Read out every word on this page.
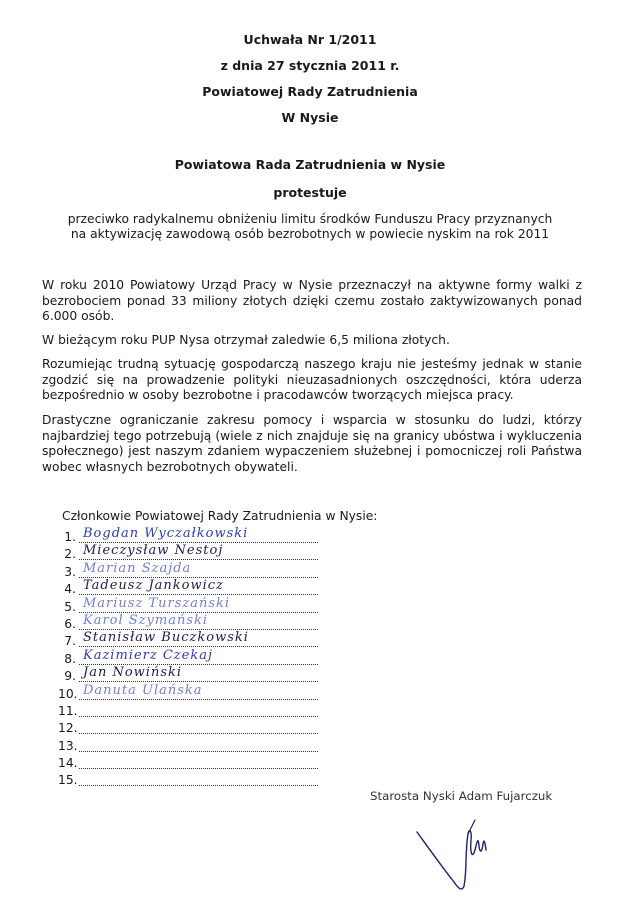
Uchwała Nr 1/2011
z dnia 27 stycznia 2011 r.
Powiatowej Rady Zatrudnienia
W Nysie
Powiatowa Rada Zatrudnienia w Nysie
protestuje
przeciwko radykalnemu obniżeniu limitu środków Funduszu Pracy przyznanych na aktywizację zawodową osób bezrobotnych w powiecie nyskim na rok 2011
W roku 2010 Powiatowy Urząd Pracy w Nysie przeznaczył na aktywne formy walki z bezrobociem ponad 33 miliony złotych dzięki czemu zostało zaktywizowanych ponad 6.000 osób.
W bieżącym roku PUP Nysa otrzymał zaledwie 6,5 miliona złotych.
Rozumiejąc trudną sytuację gospodarczą naszego kraju nie jesteśmy jednak w stanie zgodzić się na prowadzenie polityki nieuzasadnionych oszczędności, która uderza bezpośrednio w osoby bezrobotne i pracodawców tworzących miejsca pracy.
Drastyczne ograniczanie zakresu pomocy i wsparcia w stosunku do ludzi, którzy najbardziej tego potrzebują (wiele z nich znajduje się na granicy ubóstwa i wykluczenia społecznego) jest naszym zdaniem wypaczeniem służebnej i pomocniczej roli Państwa wobec własnych bezrobotnych obywateli.
Członkowie Powiatowej Rady Zatrudnienia w Nysie:
1. Bogdan Wyczałkowski
2. Mieczysław Nestoj
3. Marian Szajda
4. Tadeusz Jankowicz
5. Mariusz Turszański
6. Karol Szymański
7. Stanisław Buczkowski
8. Kazimierz Czekaj
9. Jan Nowiński
10. Danuta Ulańska
11.
12.
13.
14.
15.
Starosta Nyski Adam Fujarczuk
